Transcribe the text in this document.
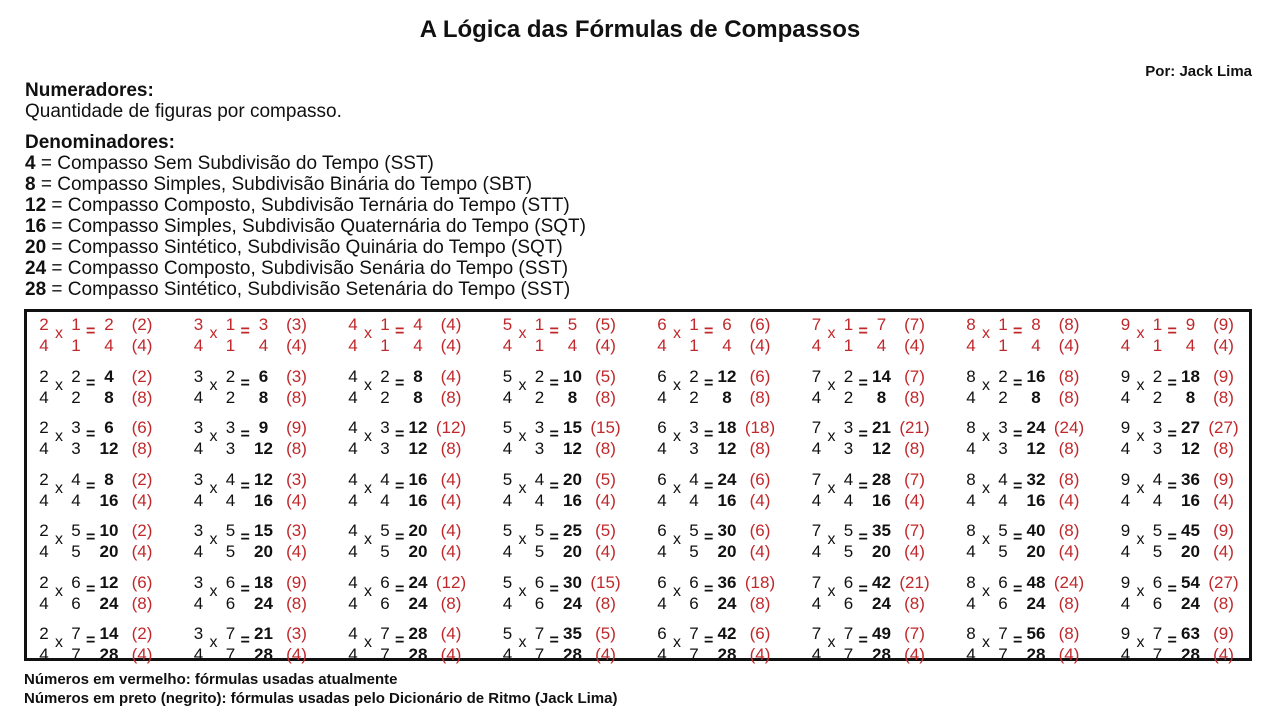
A Lógica das Fórmulas de Compassos
Por: Jack Lima
Numeradores:
Quantidade de figuras por compasso.
Denominadores:
4 = Compasso Sem Subdivisão do Tempo (SST)
8 = Compasso Simples, Subdivisão Binária do Tempo (SBT)
12 = Compasso Composto, Subdivisão Ternária do Tempo (STT)
16 = Compasso Simples, Subdivisão Quaternária do Tempo (SQT)
20 = Compasso Sintético, Subdivisão Quinária do Tempo (SQT)
24 = Compasso Composto, Subdivisão Senária do Tempo (SST)
28 = Compasso Sintético, Subdivisão Setenária do Tempo (SST)
2
4
x 1
1
= 2
4
(2)
(4)
3
4
x 1
1
= 3
4
(3)
(4)
4
4
x 1
1
= 4
4
(4)
(4)
5
4
x 1
1
= 5
4
(5)
(4)
6
4
x 1
1
= 6
4
(6)
(4)
7
4
x 1
1
= 7
4
(7)
(4)
8
4
x 1
1
= 8
4
(8)
(4)
9
4
x 1
1
= 9
4
(9)
(4)
2
4
x 2
2
= 4
8
(2)
(8)
3
4
x 2
2
= 6
8
(3)
(8)
4
4
x 2
2
= 8
8
(4)
(8)
5
4
x 2
2
= 10
8
(5)
(8)
6
4
x 2
2
= 12
8
(6)
(8)
7
4
x 2
2
= 14
8
(7)
(8)
8
4
x 2
2
= 16
8
(8)
(8)
9
4
x 2
2
= 18
8
(9)
(8)
2
4
x 3
3
= 6
12
(6)
(8)
3
4
x 3
3
= 9
12
(9)
(8)
4
4
x 3
3
= 12
12
(12)
(8)
5
4
x 3
3
= 15
12
(15)
(8)
6
4
x 3
3
= 18
12
(18)
(8)
7
4
x 3
3
= 21
12
(21)
(8)
8
4
x 3
3
= 24
12
(24)
(8)
9
4
x 3
3
= 27
12
(27)
(8)
2
4
x 4
4
= 8
16
(2)
(4)
3
4
x 4
4
= 12
16
(3)
(4)
4
4
x 4
4
= 16
16
(4)
(4)
5
4
x 4
4
= 20
16
(5)
(4)
6
4
x 4
4
= 24
16
(6)
(4)
7
4
x 4
4
= 28
16
(7)
(4)
8
4
x 4
4
= 32
16
(8)
(4)
9
4
x 4
4
= 36
16
(9)
(4)
2
4
x 5
5
= 10
20
(2)
(4)
3
4
x 5
5
= 15
20
(3)
(4)
4
4
x 5
5
= 20
20
(4)
(4)
5
4
x 5
5
= 25
20
(5)
(4)
6
4
x 5
5
= 30
20
(6)
(4)
7
4
x 5
5
= 35
20
(7)
(4)
8
4
x 5
5
= 40
20
(8)
(4)
9
4
x 5
5
= 45
20
(9)
(4)
2
4
x 6
6
= 12
24
(6)
(8)
3
4
x 6
6
= 18
24
(9)
(8)
4
4
x 6
6
= 24
24
(12)
(8)
5
4
x 6
6
= 30
24
(15)
(8)
6
4
x 6
6
= 36
24
(18)
(8)
7
4
x 6
6
= 42
24
(21)
(8)
8
4
x 6
6
= 48
24
(24)
(8)
9
4
x 6
6
= 54
24
(27)
(8)
2
4
x 7
7
= 14
28
(2)
(4)
3
4
x 7
7
= 21
28
(3)
(4)
4
4
x 7
7
= 28
28
(4)
(4)
5
4
x 7
7
= 35
28
(5)
(4)
6
4
x 7
7
= 42
28
(6)
(4)
7
4
x 7
7
= 49
28
(7)
(4)
8
4
x 7
7
= 56
28
(8)
(4)
9
4
x 7
7
= 63
28
(9)
(4)
Números em vermelho: fórmulas usadas atualmente
Números em preto (negrito): fórmulas usadas pelo Dicionário de Ritmo (Jack Lima)
